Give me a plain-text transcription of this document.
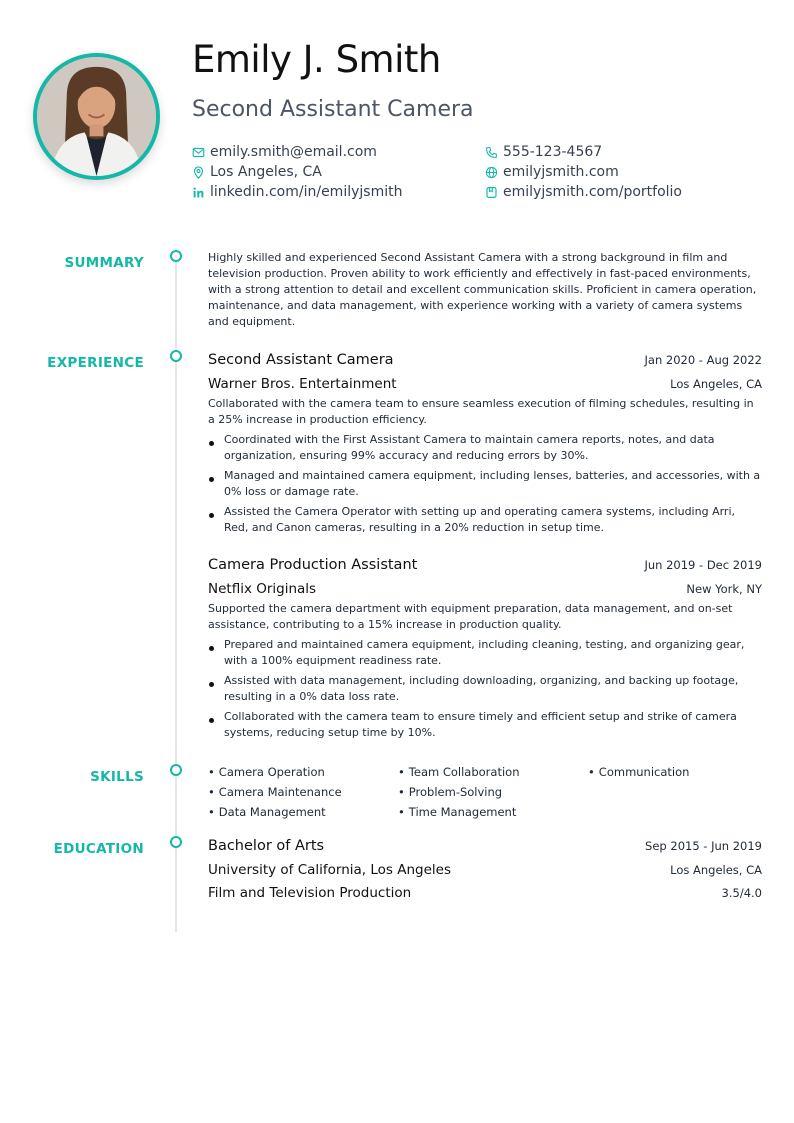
Emily J. Smith
Second Assistant Camera
emily.smith@email.com	555-123-4567
Los Angeles, CA	emilyjsmith.com
linkedin.com/in/emilyjsmith	emilyjsmith.com/portfolio
SUMMARY	Highly skilled and experienced Second Assistant Camera with a strong background in film and television production. Proven ability to work efficiently and effectively in fast-paced environments, with a strong attention to detail and excellent communication skills. Proficient in camera operation, maintenance, and data management, with experience working with a variety of camera systems and equipment.

EXPERIENCE	Second Assistant Camera	Jan 2020 - Aug 2022
Warner Bros. Entertainment	Los Angeles, CA

Collaborated with the camera team to ensure seamless execution of filming schedules, resulting in a 25% increase in production efficiency.

Coordinated with the First Assistant Camera to maintain camera reports, notes, and data organization, ensuring 99% accuracy and reducing errors by 30%.
Managed and maintained camera equipment, including lenses, batteries, and accessories, with a 0% loss or damage rate.
Assisted the Camera Operator with setting up and operating camera systems, including Arri, Red, and Canon cameras, resulting in a 20% reduction in setup time.
Camera Production Assistant	Jun 2019 - Dec 2019
Netflix Originals	New York, NY

Supported the camera department with equipment preparation, data management, and on-set assistance, contributing to a 15% increase in production quality.

Prepared and maintained camera equipment, including cleaning, testing, and organizing gear, with a 100% equipment readiness rate.
Assisted with data management, including downloading, organizing, and backing up footage, resulting in a 0% data loss rate.
Collaborated with the camera team to ensure timely and efficient setup and strike of camera systems, reducing setup time by 10%.
SKILLS	• Camera Operation	• Team Collaboration	• Communication
• Camera Maintenance	• Problem-Solving
• Data Management	• Time Management
EDUCATION	Bachelor of Arts	Sep 2015 - Jun 2019
University of California, Los Angeles	Los Angeles, CA
Film and Television Production	3.5/4.0
